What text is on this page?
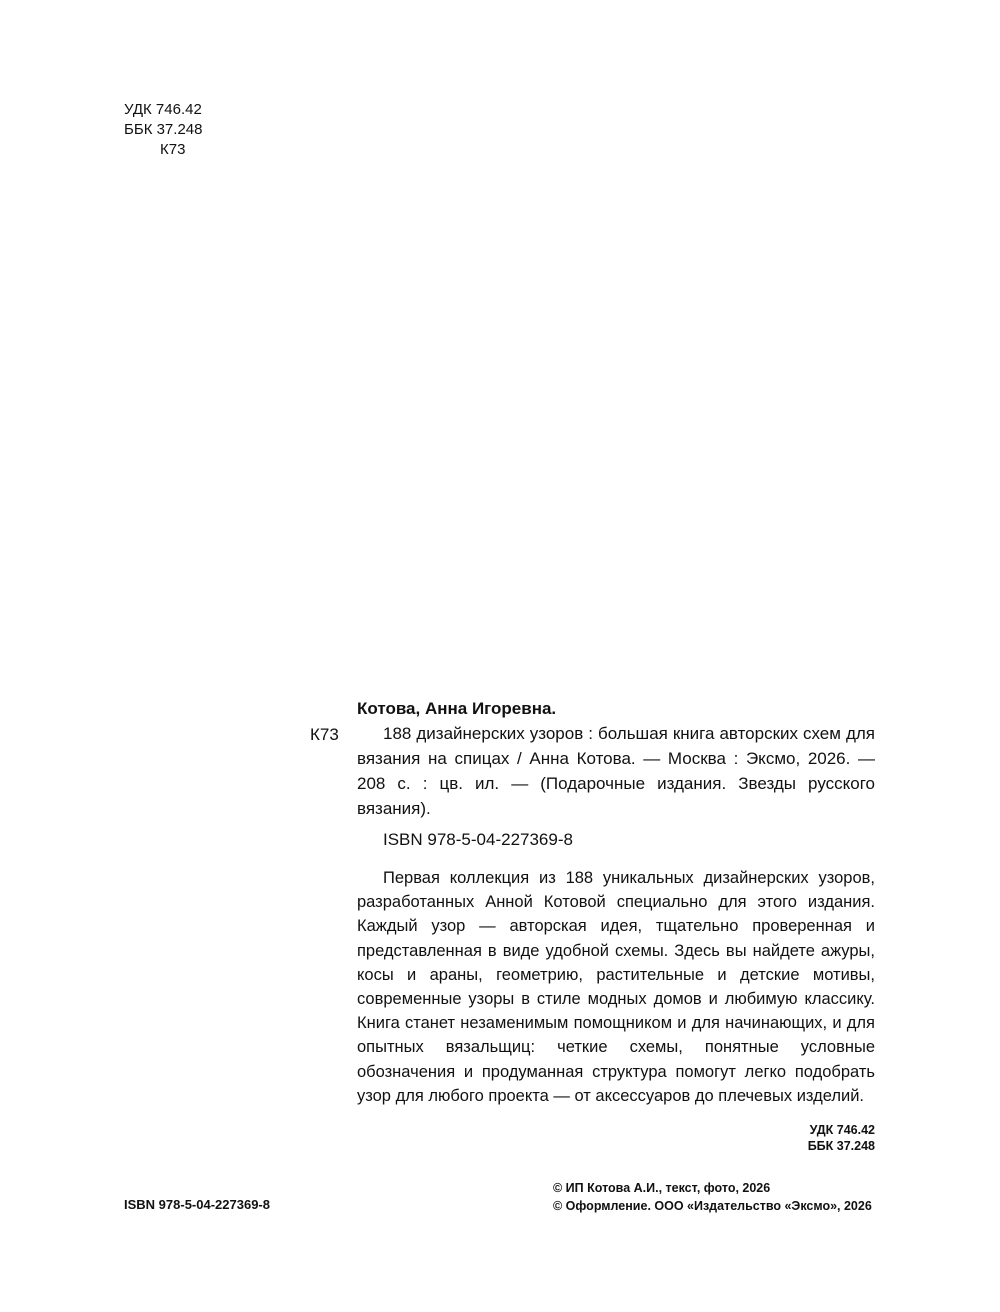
УДК 746.42
ББК 37.248
К73
К73

Котова, Анна Игоревна.

188 дизайнерских узоров : большая книга авторских схем для вязания на спицах / Анна Котова. — Москва : Эксмо, 2026. — 208 с. : цв. ил. — (Подарочные издания. Звезды русского вязания).

ISBN 978-5-04-227369-8

Первая коллекция из 188 уникальных дизайнерских узоров, разработанных Анной Котовой специально для этого издания. Каждый узор — авторская идея, тщательно проверенная и представленная в виде удобной схемы. Здесь вы найдете ажуры, косы и араны, геометрию, растительные и детские мотивы, современные узоры в стиле модных домов и любимую классику. Книга станет незаменимым помощником и для начинающих, и для опытных вязальщиц: четкие схемы, понятные условные обозначения и продуманная структура помогут легко подобрать узор для любого проекта — от аксессуаров до плечевых изделий.

УДК 746.42
ББК 37.248
© ИП Котова А.И., текст, фото, 2026
© Оформление. ООО «Издательство «Эксмо», 2026
ISBN 978-5-04-227369-8
